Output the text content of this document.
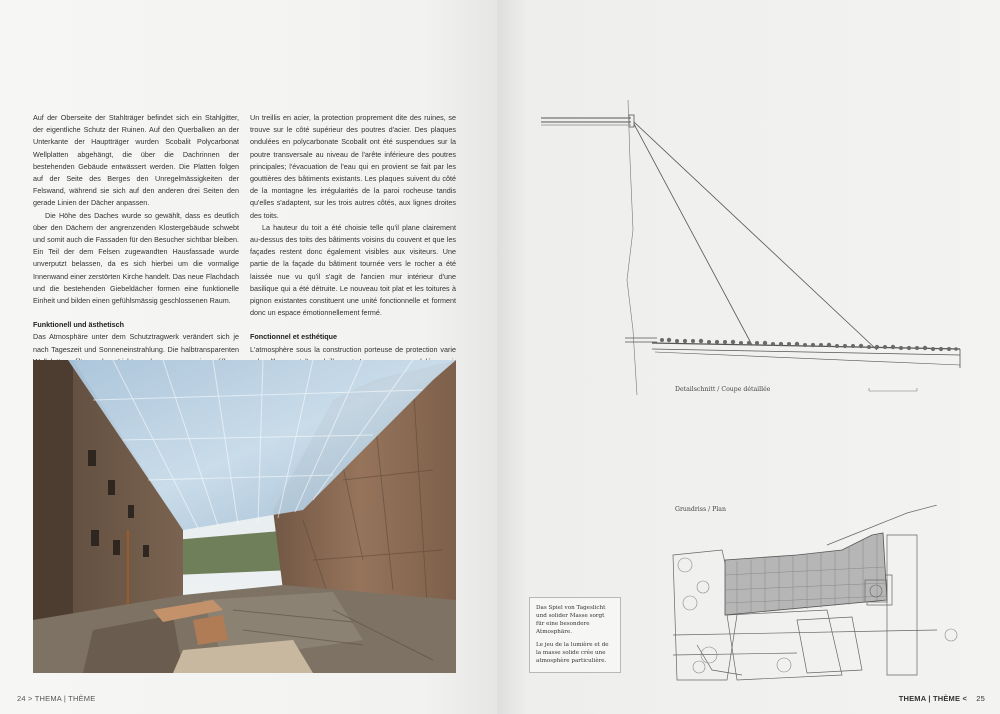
Auf der Oberseite der Stahlträger befindet sich ein Stahlgitter, der eigentliche Schutz der Ruinen. Auf den Querbalken an der Unterkante der Hauptträger wurden Scobalit Polycarbonat Wellplatten abgehängt, die über die Dachrinnen der bestehenden Gebäude entwässert werden. Die Platten folgen auf der Seite des Berges den Unregelmässigkeiten der Felswand, während sie sich auf den anderen drei Seiten den gerade Linien der Dächer anpassen.

Die Höhe des Daches wurde so gewählt, dass es deutlich über den Dächern der angrenzenden Klostergebäude schwebt und somit auch die Fassaden für den Besucher sichtbar bleiben. Ein Teil der dem Felsen zugewandten Hausfassade wurde unverputzt belassen, da es sich hierbei um die vormalige Innenwand einer zerstörten Kirche handelt. Das neue Flachdach und die bestehenden Giebeldächer formen eine funktionelle Einheit und bilden einen gefühlsmässig geschlossenen Raum.

Funktionell und ästhetisch

Das Atmosphäre unter dem Schutztragwerk verändert sich je nach Tageszeit und Sonneneinstrahlung. Die halbtransparenten

Un treillis en acier, la protection proprement dite des ruines, se trouve sur le côté supérieur des poutres d'acier. Des plaques ondulées en polycarbonate Scobalit ont été suspendues sur la poutre transversale au niveau de l'arête inférieure des poutres principales; l'évacuation de l'eau qui en provient se fait par les gouttières des bâtiments existants. Les plaques suivent du côté de la montagne les irrégularités de la paroi rocheuse tandis qu'elles s'adaptent, sur les trois autres côtés, aux lignes droites des toits.

La hauteur du toit a été choisie telle qu'il plane clairement au-dessus des toits des bâtiments voisins du couvent et que les façades restent donc également visibles aux visiteurs. Une partie de la façade du bâtiment tournée vers le rocher a été laissée nue vu qu'il s'agit de l'ancien mur intérieur d'une basilique qui a été détruite. Le nouveau toit plat et les toitures à pignon existantes constituent une unité fonctionnelle et forment donc un espace émotionnellement fermé.

Fonctionnel et esthétique

L'atmosphère sous la construction porteuse de protection varie

24 > THEMA | THÈME
Detailschnitt / Coupe détaillée
Grundriss / Plan

Das Spiel von Tageslicht und solider Masse sorgt für eine besondere Atmosphäre.

Le jeu de la lumière et de la masse solide crée une atmosphère particulière.

THEMA | THÈME < 25
